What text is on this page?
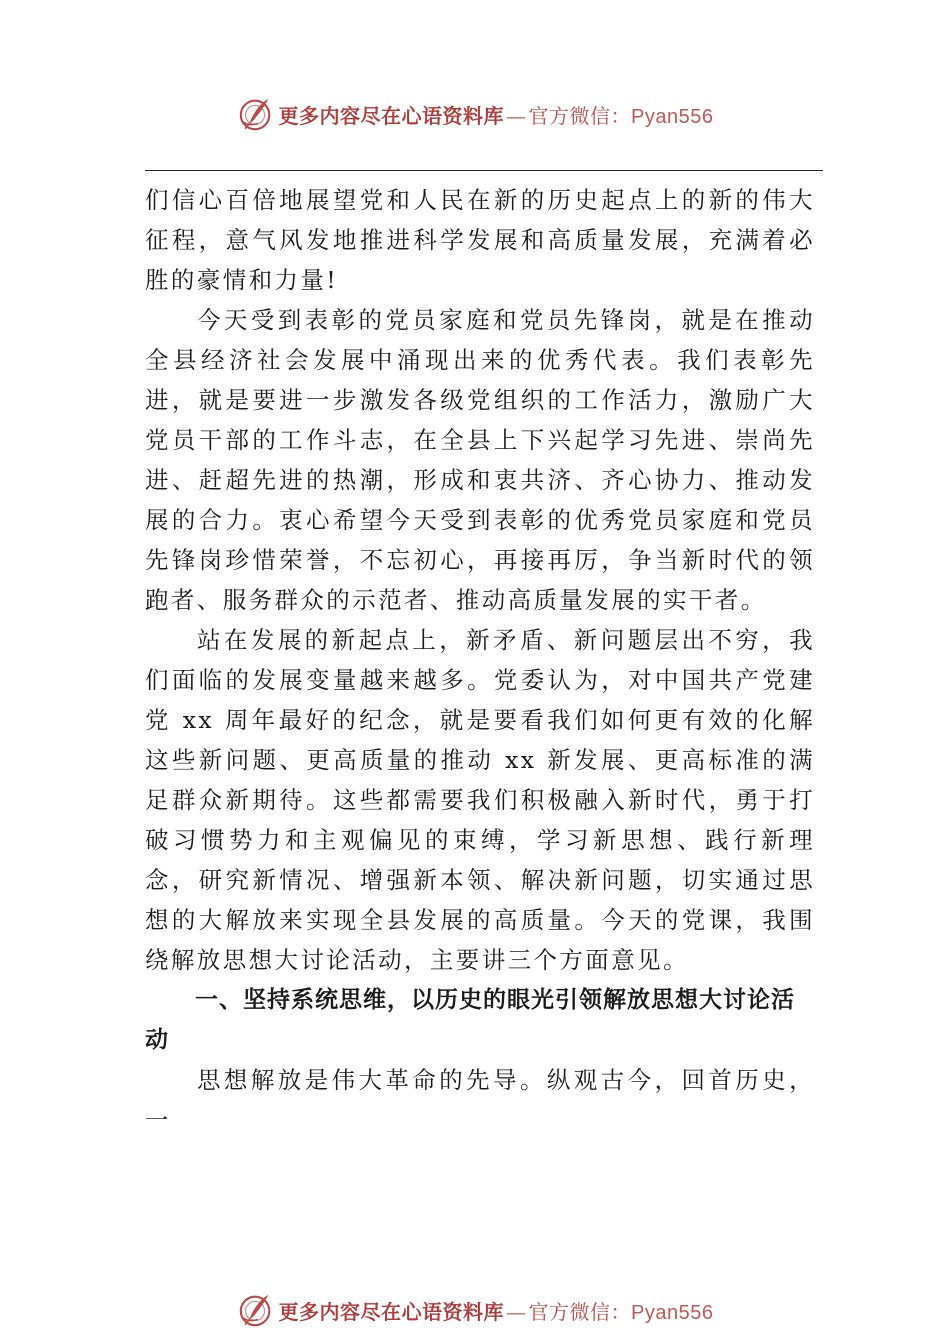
更多内容尽在心语资料库 — 官方微信：Pyan556

们信心百倍地展望党和人民在新的历史起点上的新的伟大征程，意气风发地推进科学发展和高质量发展，充满着必胜的豪情和力量!

今天受到表彰的党员家庭和党员先锋岗，就是在推动全县经济社会发展中涌现出来的优秀代表。我们表彰先进，就是要进一步激发各级党组织的工作活力，激励广大党员干部的工作斗志，在全县上下兴起学习先进、崇尚先进、赶超先进的热潮，形成和衷共济、齐心协力、推动发展的合力。衷心希望今天受到表彰的优秀党员家庭和党员先锋岗珍惜荣誉，不忘初心，再接再厉，争当新时代的领跑者、服务群众的示范者、推动高质量发展的实干者。

站在发展的新起点上，新矛盾、新问题层出不穷，我们面临的发展变量越来越多。党委认为，对中国共产党建党 xx 周年最好的纪念，就是要看我们如何更有效的化解这些新问题、更高质量的推动 xx 新发展、更高标准的满足群众新期待。这些都需要我们积极融入新时代，勇于打破习惯势力和主观偏见的束缚，学习新思想、践行新理念，研究新情况、增强新本领、解决新问题，切实通过思想的大解放来实现全县发展的高质量。今天的党课，我围绕解放思想大讨论活动，主要讲三个方面意见。

一、坚持系统思维，以历史的眼光引领解放思想大讨论活动

思想解放是伟大革命的先导。纵观古今，回首历史，一

更多内容尽在心语资料库 — 官方微信：Pyan556
